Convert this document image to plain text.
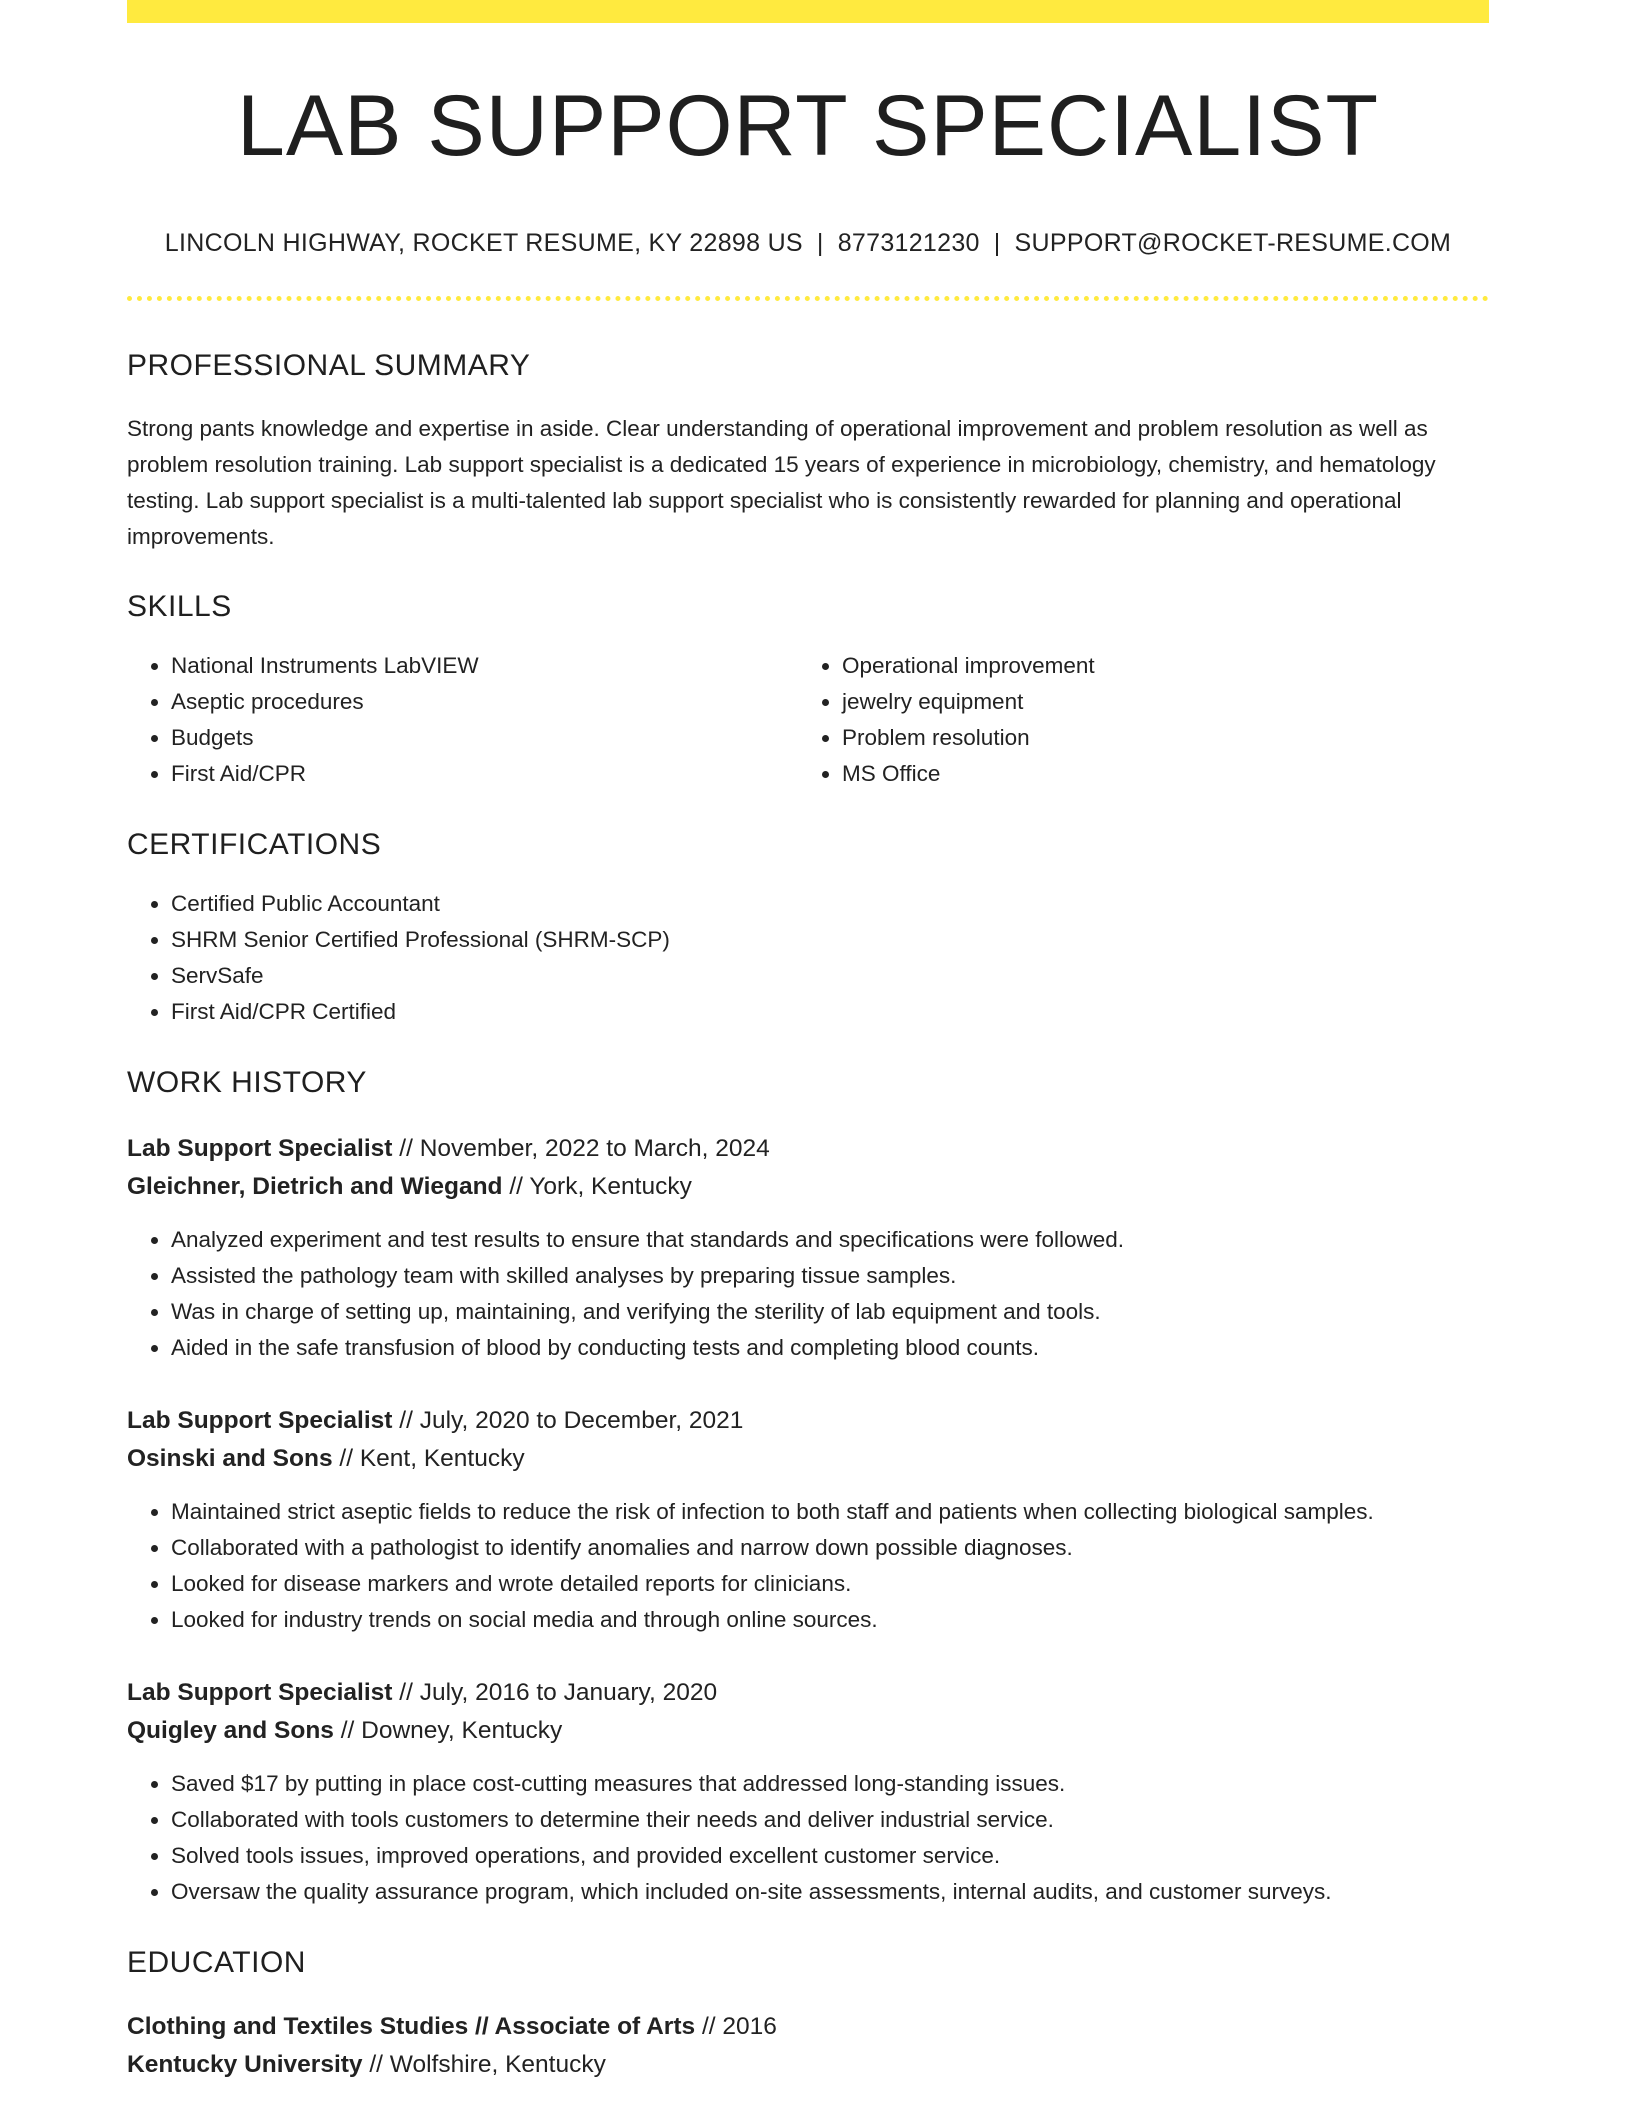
LAB SUPPORT SPECIALIST
LINCOLN HIGHWAY, ROCKET RESUME, KY 22898 US | 8773121230 | SUPPORT@ROCKET-RESUME.COM
PROFESSIONAL SUMMARY

Strong pants knowledge and expertise in aside. Clear understanding of operational improvement and problem resolution as well as problem resolution training. Lab support specialist is a dedicated 15 years of experience in microbiology, chemistry, and hematology testing. Lab support specialist is a multi-talented lab support specialist who is consistently rewarded for planning and operational improvements.

SKILLS
• National Instruments LabVIEW
• Aseptic procedures
• Budgets
• First Aid/CPR
• Operational improvement
• jewelry equipment
• Problem resolution
• MS Office
CERTIFICATIONS
• Certified Public Accountant
• SHRM Senior Certified Professional (SHRM-SCP)
• ServSafe
• First Aid/CPR Certified
WORK HISTORY
Lab Support Specialist // November, 2022 to March, 2024
Gleichner, Dietrich and Wiegand // York, Kentucky
• Analyzed experiment and test results to ensure that standards and specifications were followed.
• Assisted the pathology team with skilled analyses by preparing tissue samples.
• Was in charge of setting up, maintaining, and verifying the sterility of lab equipment and tools.
• Aided in the safe transfusion of blood by conducting tests and completing blood counts.
Lab Support Specialist // July, 2020 to December, 2021
Osinski and Sons // Kent, Kentucky
• Maintained strict aseptic fields to reduce the risk of infection to both staff and patients when collecting biological samples.
• Collaborated with a pathologist to identify anomalies and narrow down possible diagnoses.
• Looked for disease markers and wrote detailed reports for clinicians.
• Looked for industry trends on social media and through online sources.
Lab Support Specialist // July, 2016 to January, 2020
Quigley and Sons // Downey, Kentucky
• Saved $17 by putting in place cost-cutting measures that addressed long-standing issues.
• Collaborated with tools customers to determine their needs and deliver industrial service.
• Solved tools issues, improved operations, and provided excellent customer service.
• Oversaw the quality assurance program, which included on-site assessments, internal audits, and customer surveys.
EDUCATION
Clothing and Textiles Studies // Associate of Arts // 2016
Kentucky University // Wolfshire, Kentucky
